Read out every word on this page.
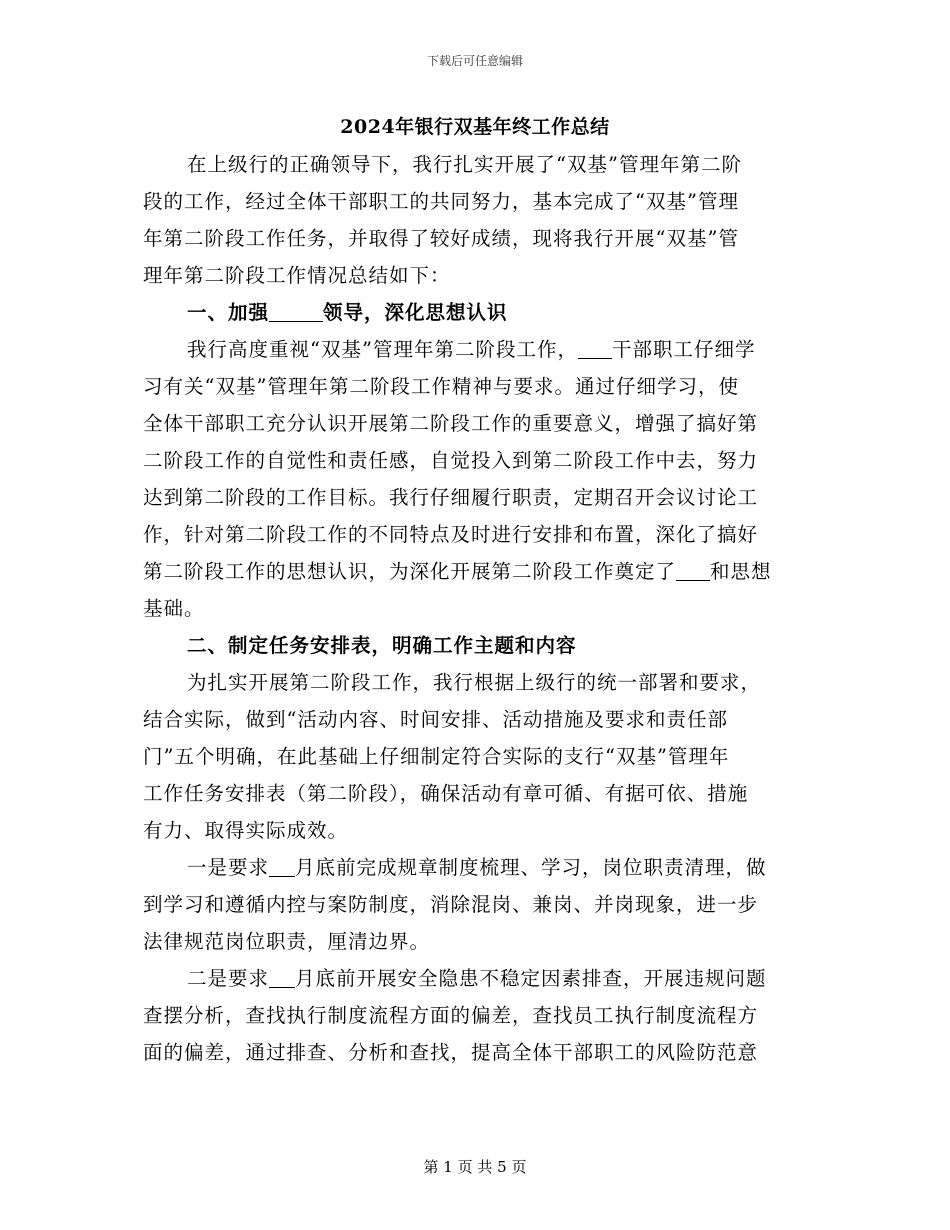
下载后可任意编辑
2024年银行双基年终工作总结
在上级行的正确领导下，我行扎实开展了“双基”管理年第二阶
段的工作，经过全体干部职工的共同努力，基本完成了“双基”管理
年第二阶段工作任务，并取得了较好成绩，现将我行开展“双基”管
理年第二阶段工作情况总结如下：
一、加强	领导，深化思想认识
我行高度重视“双基”管理年第二阶段工作， 干部职工仔细学
习有关“双基”管理年第二阶段工作精神与要求。通过仔细学习，使
全体干部职工充分认识开展第二阶段工作的重要意义，增强了搞好第
二阶段工作的自觉性和责任感，自觉投入到第二阶段工作中去，努力
达到第二阶段的工作目标。我行仔细履行职责，定期召开会议讨论工
作，针对第二阶段工作的不同特点及时进行安排和布置，深化了搞好
第二阶段工作的思想认识，为深化开展第二阶段工作奠定了 和思想
基础。
二、制定任务安排表，明确工作主题和内容
为扎实开展第二阶段工作，我行根据上级行的统一部署和要求，
结合实际，做到“活动内容、时间安排、活动措施及要求和责任部
门”五个明确，在此基础上仔细制定符合实际的支行“双基”管理年
工作任务安排表（第二阶段），确保活动有章可循、有据可依、措施
有力、取得实际成效。
一是要求 月底前完成规章制度梳理、学习，岗位职责清理，做
到学习和遵循内控与案防制度，消除混岗、兼岗、并岗现象，进一步
法律规范岗位职责，厘清边界。
二是要求 月底前开展安全隐患不稳定因素排查，开展违规问题
查摆分析，查找执行制度流程方面的偏差，查找员工执行制度流程方
面的偏差，通过排查、分析和查找，提高全体干部职工的风险防范意
第 1 页 共 5 页
